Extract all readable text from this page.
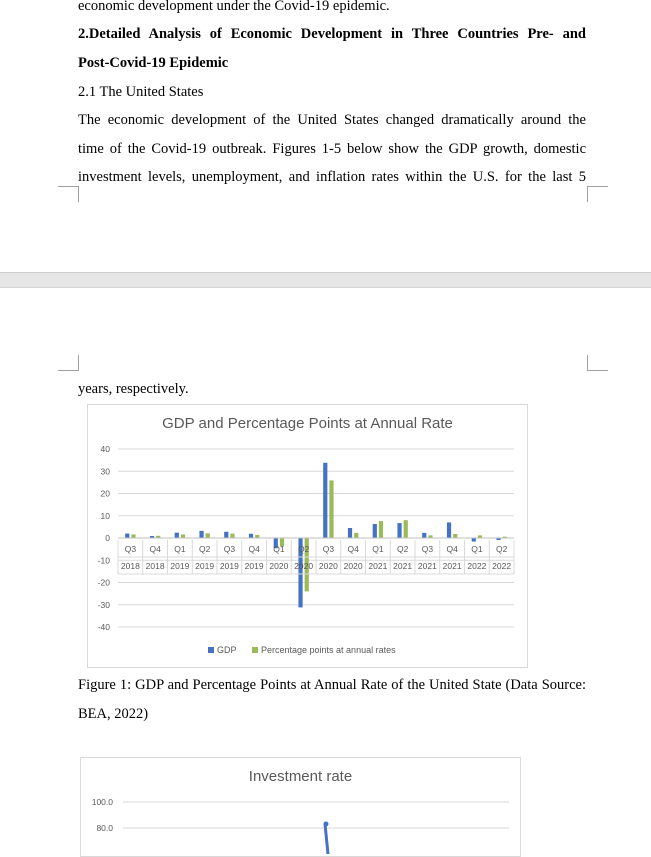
economic development under the Covid-19 epidemic.
2.Detailed Analysis of Economic Development in Three Countries Pre- and
Post-Covid-19 Epidemic
2.1 The United States
The economic development of the United States changed dramatically around the
time of the Covid-19 outbreak. Figures 1-5 below show the GDP growth, domestic
investment levels, unemployment, and inflation rates within the U.S. for the last 5
years, respectively.
GDP and Percentage Points at Annual Rate
40
30
20
10
0
-10
-20
-30
-40
Q3
2018
Q4
2018
Q1
2019
Q2
2019
Q3
2019
Q4
2019
Q1
2020
Q2
2020
Q3
2020
Q4
2020
Q1
2021
Q2
2021
Q3
2021
Q4
2021
Q1
2022
Q2
2022
GDP	Percentage points at annual rates
Figure 1: GDP and Percentage Points at Annual Rate of the United State (Data Source:
BEA, 2022)
Investment rate
100.0
80.0
